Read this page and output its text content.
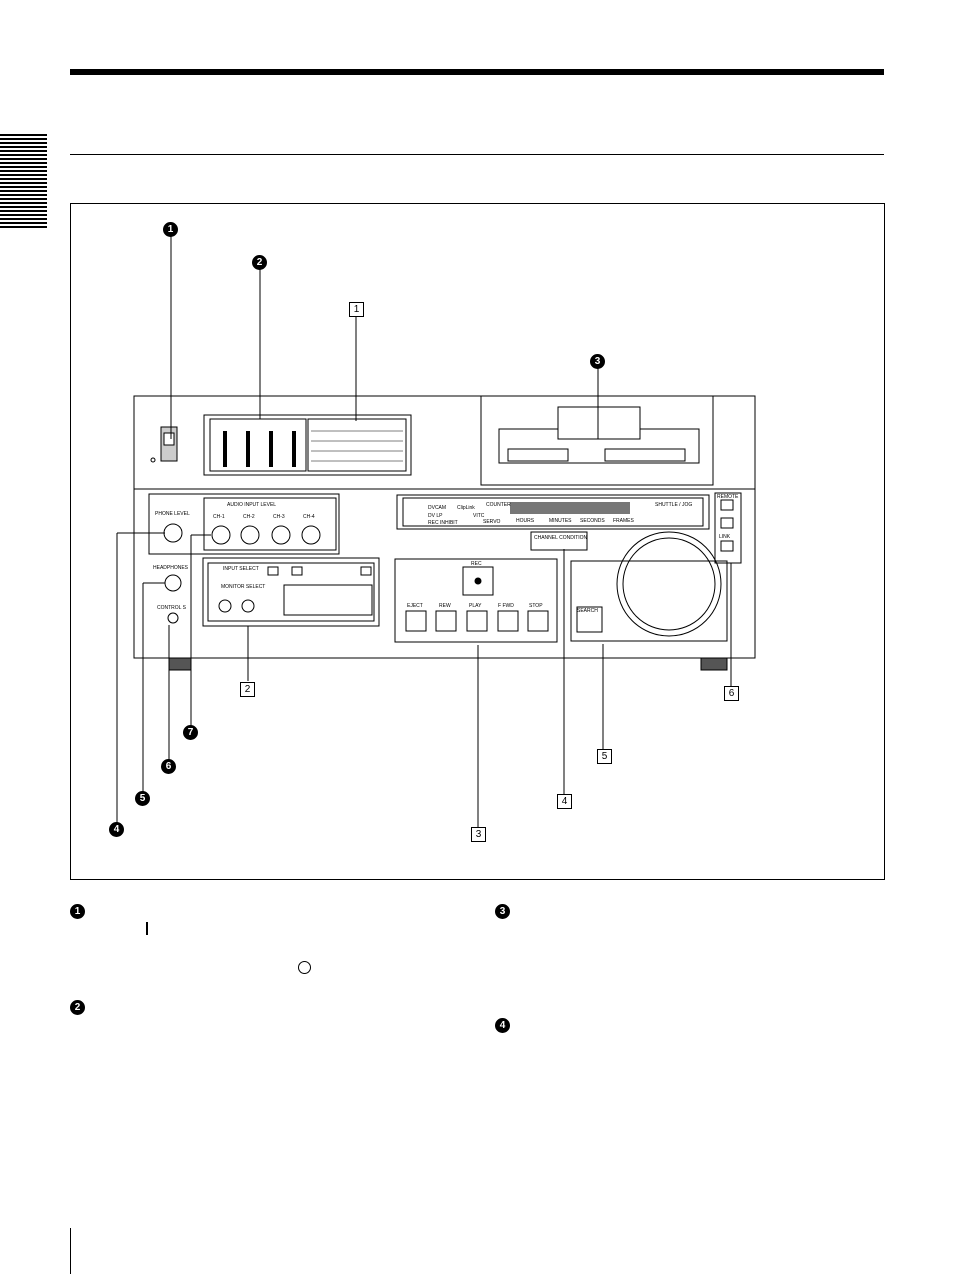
PHONE LEVEL
AUDIO INPUT LEVEL
CH-1	CH-2	CH-3	CH-4
HEADPHONES
CONTROL S
DVCAM ClipLink
DV LP	VITC
REC INHIBIT	SERVO
COUNTER
HOURS	MINUTES SECONDS FRAMES
SHUTTLE / JOG
CHANNEL CONDITION
REMOTE
LINK
INPUT SELECT
MONITOR SELECT
REC
EJECT	REW	PLAY	F FWD	STOP
SEARCH
1
2
3
7
6
5
4
1
2	6
5
4
3
1
2
3
4
